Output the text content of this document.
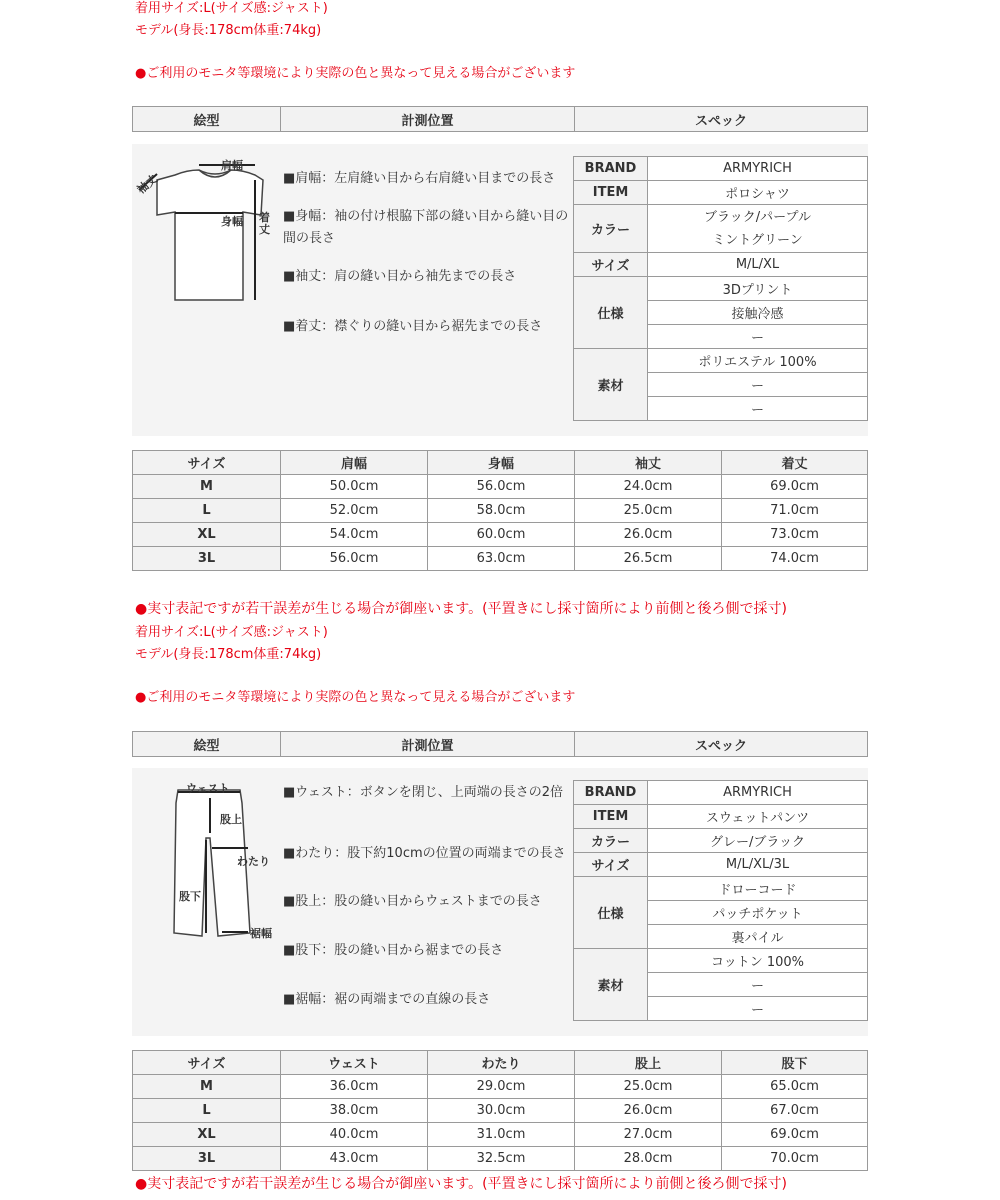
着用サイズ:L(サイズ感:ジャスト)
モデル(身長:178cm体重:74kg)
●ご利用のモニタ等環境により実際の色と異なって見える場合がございます
絵型	計測位置	スペック
肩幅
袖丈
身幅 着丈
■肩幅：左肩縫い目から右肩縫い目までの長さ
■身幅：袖の付け根脇下部の縫い目から縫い目の間の長さ
■袖丈：肩の縫い目から袖先までの長さ
■着丈：襟ぐりの縫い目から裾先までの長さ
BRAND	ARMYRICH
ITEM	ポロシャツ
カラー	ブラック/パープル
ミントグリーン
サイズ	M/L/XL
仕様	3Dプリント
	接触冷感
	ー
素材	ポリエステル 100%
	ー
	ー
サイズ	肩幅	身幅	袖丈	着丈
M	50.0cm	56.0cm	24.0cm	69.0cm
L	52.0cm	58.0cm	25.0cm	71.0cm
XL	54.0cm	60.0cm	26.0cm	73.0cm
3L	56.0cm	63.0cm	26.5cm	74.0cm
●実寸表記ですが若干誤差が生じる場合が御座います。(平置きにし採寸箇所により前側と後ろ側で採寸)
着用サイズ:L(サイズ感:ジャスト)
モデル(身長:178cm体重:74kg)
●ご利用のモニタ等環境により実際の色と異なって見える場合がございます
絵型	計測位置	スペック
ウェスト
股上
わたり
股下
裾幅
■ウェスト：ボタンを閉じ、上両端の長さの2倍
■わたり：股下約10cmの位置の両端までの長さ
■股上：股の縫い目からウェストまでの長さ
■股下：股の縫い目から裾までの長さ
■裾幅：裾の両端までの直線の長さ
BRAND	ARMYRICH
ITEM	スウェットパンツ
カラー	グレー/ブラック
サイズ	M/L/XL/3L
仕様	ドローコード
	パッチポケット
	裏パイル
素材	コットン 100%
	ー
	ー
サイズ	ウェスト	わたり	股上	股下
M	36.0cm	29.0cm	25.0cm	65.0cm
L	38.0cm	30.0cm	26.0cm	67.0cm
XL	40.0cm	31.0cm	27.0cm	69.0cm
3L	43.0cm	32.5cm	28.0cm	70.0cm
●実寸表記ですが若干誤差が生じる場合が御座います。(平置きにし採寸箇所により前側と後ろ側で採寸)
